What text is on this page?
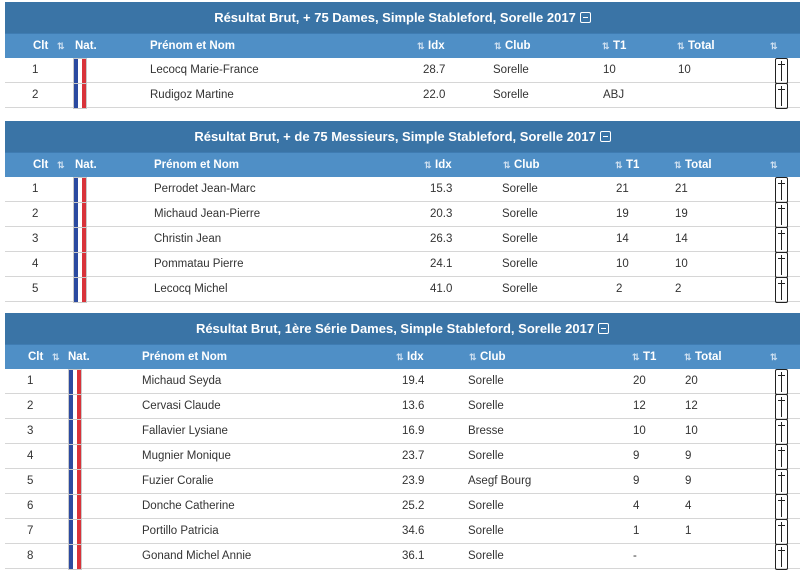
Résultat Brut, + 75 Dames, Simple Stableford, Sorelle 2017
Clt Nat.	Prénom et Nom	Idx	Club	T1	Total
⇅	⇅	⇅	⇅	⇅	⇅
1	Lecocq Marie-France	28.7	Sorelle	10	10
2	Rudigoz Martine	22.0	Sorelle	ABJ
Résultat Brut, + de 75 Messieurs, Simple Stableford, Sorelle 2017
Clt Nat.	Prénom et Nom	Idx	Club	T1	Total
⇅	⇅	⇅	⇅	⇅	⇅
1	Perrodet Jean-Marc	15.3	Sorelle	21	21
2	Michaud Jean-Pierre	20.3	Sorelle	19	19
3	Christin Jean	26.3	Sorelle	14	14
4	Pommatau Pierre	24.1	Sorelle	10	10
5	Lecocq Michel	41.0	Sorelle	2	2
Résultat Brut, 1ère Série Dames, Simple Stableford, Sorelle 2017
Clt Nat.	Prénom et Nom	Idx	Club	T1	Total
⇅	⇅	⇅	⇅	⇅	⇅
1	Michaud Seyda	19.4	Sorelle	20	20
2	Cervasi Claude	13.6	Sorelle	12	12
3	Fallavier Lysiane	16.9	Bresse	10	10
4	Mugnier Monique	23.7	Sorelle	9	9
5	Fuzier Coralie	23.9	Asegf Bourg	9	9
6	Donche Catherine	25.2	Sorelle	4	4
7	Portillo Patricia	34.6	Sorelle	1	1
8	Gonand Michel Annie	36.1	Sorelle	-
